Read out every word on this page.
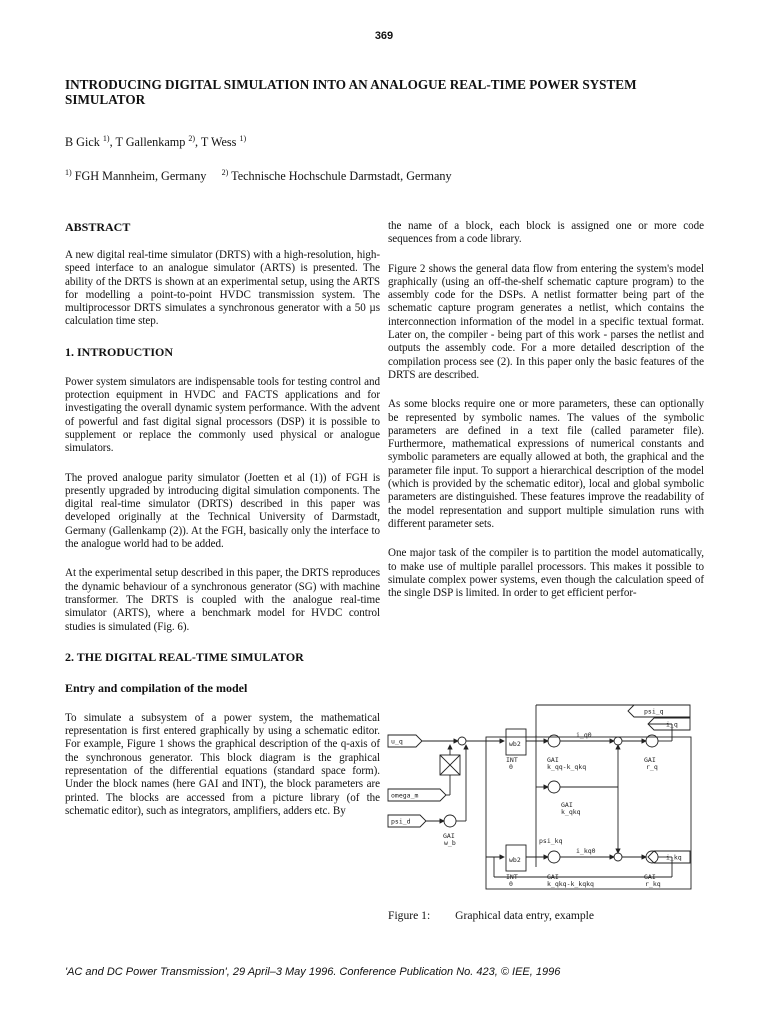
369
INTRODUCING DIGITAL SIMULATION INTO AN ANALOGUE REAL-TIME POWER SYSTEM SIMULATOR
B Gick $^{1)}$, T Gallenkamp $^{2)}$, T Wess $^{1)}$
$^{1)}$ FGH Mannheim, Germany $^{2)}$ Technische Hochschule Darmstadt, Germany
ABSTRACT

A new digital real-time simulator (DRTS) with a high-resolution, high-speed interface to an analogue simulator (ARTS) is presented. The ability of the DRTS is shown at an experimental setup, using the ARTS for modelling a point-to-point HVDC transmission system. The multiprocessor DRTS simulates a synchronous generator with a 50 µs calculation time step.

1. INTRODUCTION

Power system simulators are indispensable tools for testing control and protection equipment in HVDC and FACTS applications and for investigating the overall dynamic system performance. With the advent of powerful and fast digital signal processors (DSP) it is possible to supplement or replace the commonly used physical or analogue simulators.

The proved analogue parity simulator (Joetten et al (1)) of FGH is presently upgraded by introducing digital simulation components. The digital real-time simulator (DRTS) described in this paper was developed originally at the Technical University of Darmstadt, Germany (Gallenkamp (2)). At the FGH, basically only the interface to the analogue world had to be added.

At the experimental setup described in this paper, the DRTS reproduces the dynamic behaviour of a synchronous generator (SG) with machine transformer. The DRTS is coupled with the analogue real-time simulator (ARTS), where a benchmark model for HVDC control studies is simulated (Fig. 6).

2. THE DIGITAL REAL-TIME SIMULATOR
Entry and compilation of the model

To simulate a subsystem of a power system, the mathematical representation is first entered graphically by using a schematic editor. For example, Figure 1 shows the graphical description of the q-axis of the synchronous generator. This block diagram is the graphical representation of the differential equations (standard space form). Under the block names (here GAI and INT), the block parameters are printed. The blocks are accessed from a picture library (of the schematic editor), such as integrators, amplifiers, adders etc. By

the name of a block, each block is assigned one or more code sequences from a code library.

Figure 2 shows the general data flow from entering the system's model graphically (using an off-the-shelf schematic capture program) to the assembly code for the DSPs. A netlist formatter being part of the schematic capture program generates a netlist, which contains the interconnection information of the model in a specific textual format. Later on, the compiler - being part of this work - parses the netlist and outputs the assembly code. For a more detailed description of the compilation process see (2). In this paper only the basic features of the DRTS are described.

As some blocks require one or more parameters, these can optionally be represented by symbolic names. The values of the symbolic parameters are defined in a text file (called parameter file). Furthermore, mathematical expressions of numerical constants and symbolic parameters are equally allowed at both, the graphical and the parameter file input. To support a hierarchical description of the model (which is provided by the schematic editor), local and global symbolic parameters are distinguished. These features improve the readability of the model representation and support multiple simulation runs with different parameter sets.

One major task of the compiler is to partition the model automatically, to make use of multiple parallel processors. This makes it possible to simulate complex power systems, even though the calculation speed of the single DSP is limited. In order to get efficient perfor-

u_q
omega_m
psi_d
psi_q
i_q
i_kq
wb2
INT
0
i_q0
GAI
k_qq-k_qkq
GAI
r_q
GAI
k_qkq
GAI
w_b	psi_kq
wb2
i_kq0
INT
0
GAI
k_qkq-k_kqkq
GAI
r_kq
Figure 1: Graphical data entry, example
'AC and DC Power Transmission', 29 April–3 May 1996. Conference Publication No. 423, © IEE, 1996
